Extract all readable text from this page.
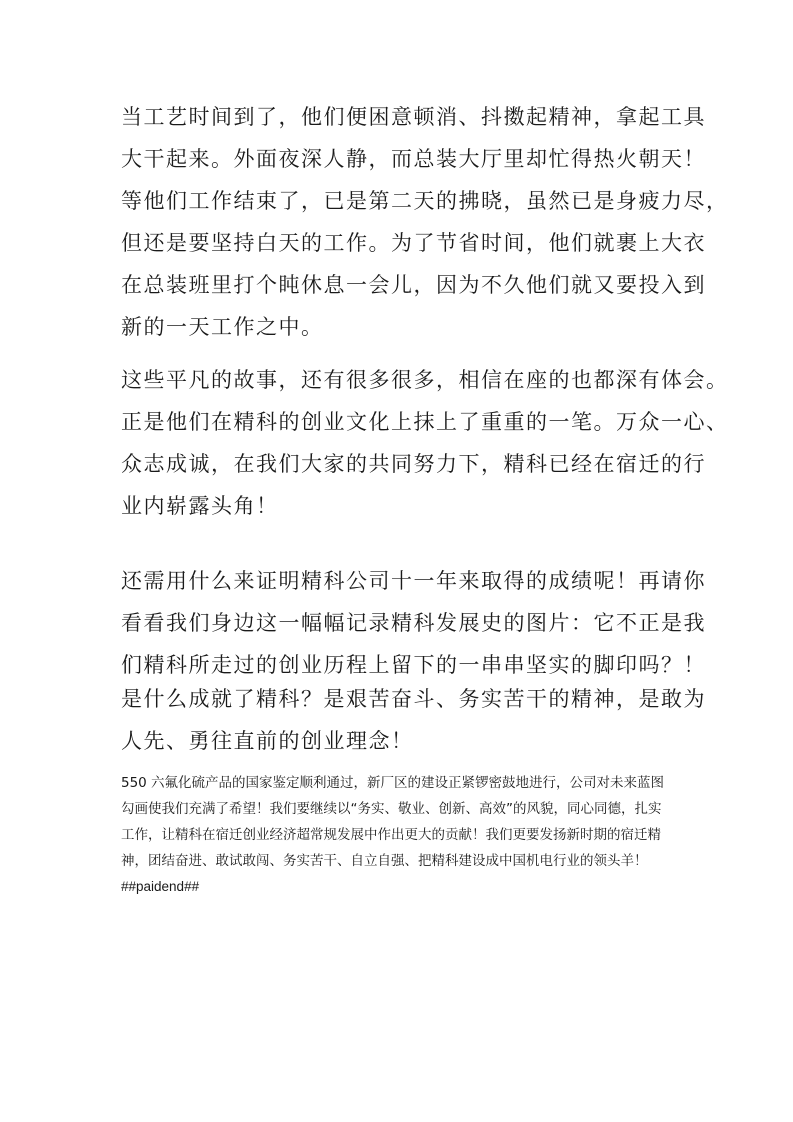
当工艺时间到了，他们便困意顿消、抖擞起精神，拿起工具
大干起来。外面夜深人静，而总装大厅里却忙得热火朝天！
等他们工作结束了，已是第二天的拂晓，虽然已是身疲力尽，
但还是要坚持白天的工作。为了节省时间，他们就裹上大衣
在总装班里打个盹休息一会儿，因为不久他们就又要投入到
新的一天工作之中。
这些平凡的故事，还有很多很多，相信在座的也都深有体会。
正是他们在精科的创业文化上抹上了重重的一笔。万众一心、
众志成诚，在我们大家的共同努力下，精科已经在宿迁的行
业内崭露头角！
还需用什么来证明精科公司十一年来取得的成绩呢！再请你
看看我们身边这一幅幅记录精科发展史的图片：它不正是我
们精科所走过的创业历程上留下的一串串坚实的脚印吗？！
是什么成就了精科？是艰苦奋斗、务实苦干的精神，是敢为
人先、勇往直前的创业理念！
550 六氟化硫产品的国家鉴定顺利通过，新厂区的建设正紧锣密鼓地进行，公司对未来蓝图
勾画使我们充满了希望！我们要继续以“务实、敬业、创新、高效”的风貌，同心同德，扎实
工作，让精科在宿迁创业经济超常规发展中作出更大的贡献！我们更要发扬新时期的宿迁精
神，团结奋进、敢试敢闯、务实苦干、自立自强、把精科建设成中国机电行业的领头羊！
##paidend##
